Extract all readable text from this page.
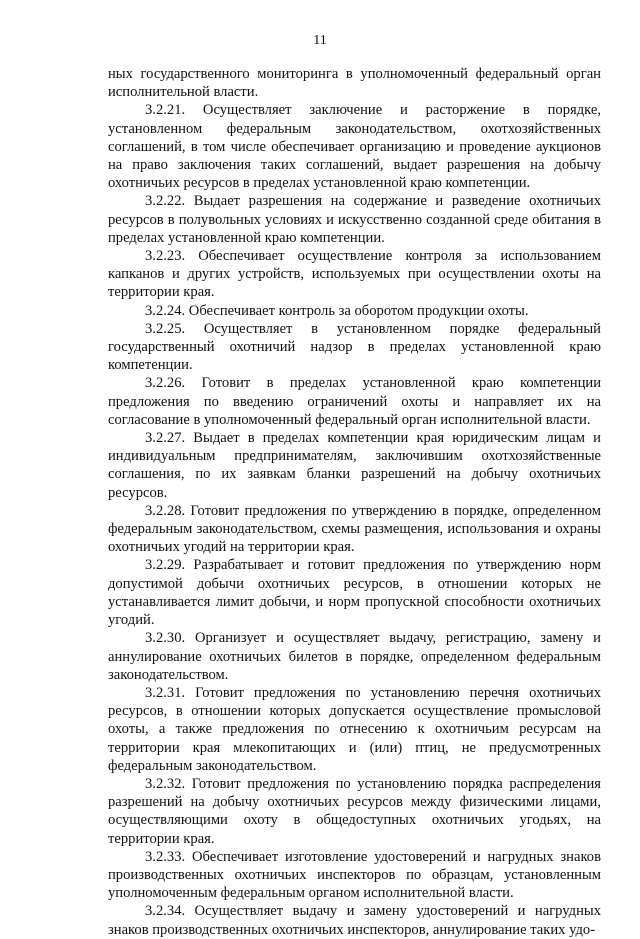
11

ных государственного мониторинга в уполномоченный федеральный орган исполнительной власти.

3.2.21. Осуществляет заключение и расторжение в порядке, установленном федеральным законодательством, охотхозяйственных соглашений, в том числе обеспечивает организацию и проведение аукционов на право заключения таких соглашений, выдает разрешения на добычу охотничьих ресурсов в пределах установленной краю компетенции.

3.2.22. Выдает разрешения на содержание и разведение охотничьих ресурсов в полувольных условиях и искусственно созданной среде обитания в пределах установленной краю компетенции.

3.2.23. Обеспечивает осуществление контроля за использованием капканов и других устройств, используемых при осуществлении охоты на территории края.

3.2.24. Обеспечивает контроль за оборотом продукции охоты.

3.2.25. Осуществляет в установленном порядке федеральный государственный охотничий надзор в пределах установленной краю компетенции.

3.2.26. Готовит в пределах установленной краю компетенции предложения по введению ограничений охоты и направляет их на согласование в уполномоченный федеральный орган исполнительной власти.

3.2.27. Выдает в пределах компетенции края юридическим лицам и индивидуальным предпринимателям, заключившим охотхозяйственные соглашения, по их заявкам бланки разрешений на добычу охотничьих ресурсов.

3.2.28. Готовит предложения по утверждению в порядке, определенном федеральным законодательством, схемы размещения, использования и охраны охотничьих угодий на территории края.

3.2.29. Разрабатывает и готовит предложения по утверждению норм допустимой добычи охотничьих ресурсов, в отношении которых не устанавливается лимит добычи, и норм пропускной способности охотничьих угодий.

3.2.30. Организует и осуществляет выдачу, регистрацию, замену и аннулирование охотничьих билетов в порядке, определенном федеральным законодательством.

3.2.31. Готовит предложения по установлению перечня охотничьих ресурсов, в отношении которых допускается осуществление промысловой охоты, а также предложения по отнесению к охотничьим ресурсам на территории края млекопитающих и (или) птиц, не предусмотренных федеральным законодательством.

3.2.32. Готовит предложения по установлению порядка распределения разрешений на добычу охотничьих ресурсов между физическими лицами, осуществляющими охоту в общедоступных охотничьих угодьях, на территории края.

3.2.33. Обеспечивает изготовление удостоверений и нагрудных знаков производственных охотничьих инспекторов по образцам, установленным уполномоченным федеральным органом исполнительной власти.

3.2.34. Осуществляет выдачу и замену удостоверений и нагрудных знаков производственных охотничьих инспекторов, аннулирование таких удо-
